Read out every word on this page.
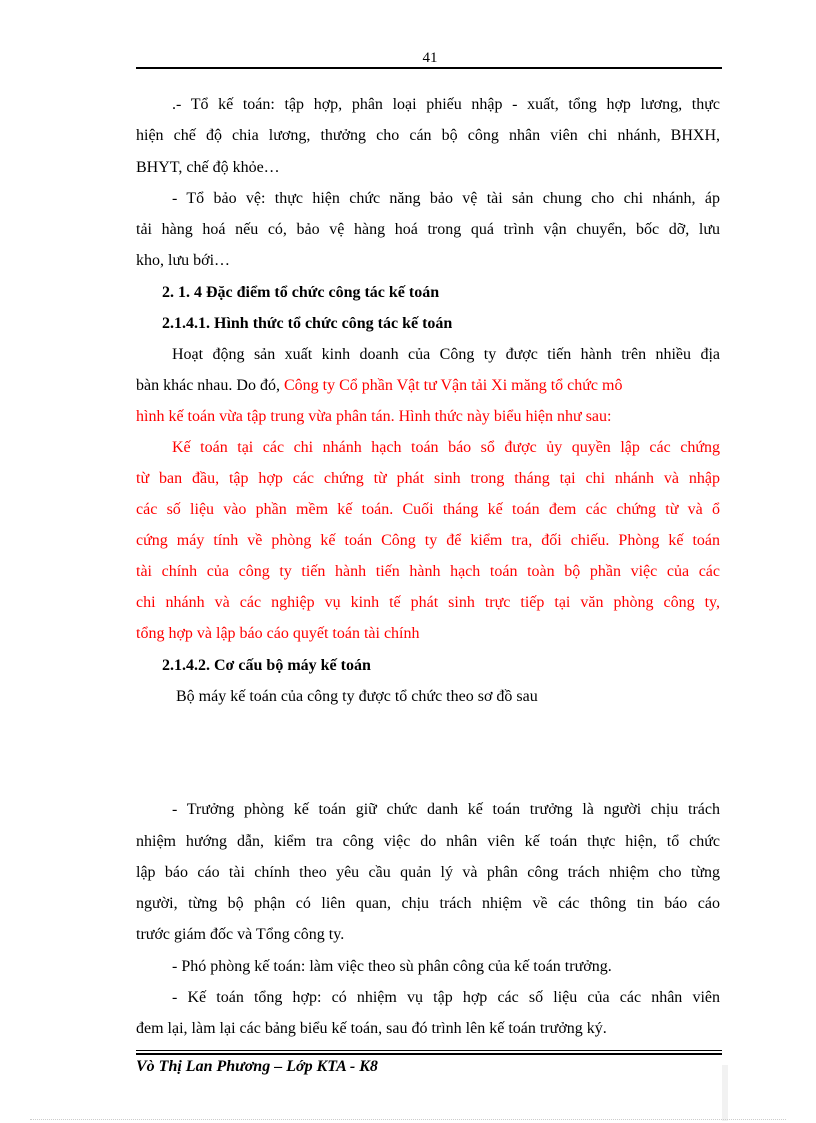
41
.- Tổ kế toán: tập hợp, phân loại phiếu nhập - xuất, tổng hợp lương, thực
hiện chế độ chia lương, thưởng cho cán bộ công nhân viên chi nhánh, BHXH,
BHYT, chế độ khỏe…
- Tổ bảo vệ: thực hiện chức năng bảo vệ tài sản chung cho chi nhánh, áp
tải hàng hoá nếu có, bảo vệ hàng hoá trong quá trình vận chuyển, bốc dỡ, lưu
kho, lưu bới…
2. 1. 4 Đặc điểm tổ chức công tác kế toán
2.1.4.1. Hình thức tổ chức công tác kế toán
Hoạt động sản xuất kinh doanh của Công ty được tiến hành trên nhiều địa
bàn khác nhau. Do đó, Công ty Cổ phần Vật tư Vận tải Xi măng tổ chức mô
hình kế toán vừa tập trung vừa phân tán. Hình thức này biểu hiện như sau:
Kế toán tại các chi nhánh hạch toán báo sổ được ủy quyền lập các chứng
từ ban đầu, tập hợp các chứng từ phát sinh trong tháng tại chi nhánh và nhập
các số liệu vào phần mềm kế toán. Cuối tháng kế toán đem các chứng từ và ổ
cứng máy tính về phòng kế toán Công ty để kiểm tra, đối chiếu. Phòng kế toán
tài chính của công ty tiến hành tiến hành hạch toán toàn bộ phần việc của các
chi nhánh và các nghiệp vụ kinh tế phát sinh trực tiếp tại văn phòng công ty,
tổng hợp và lập báo cáo quyết toán tài chính
2.1.4.2. Cơ cấu bộ máy kế toán
Bộ máy kế toán của công ty được tổ chức theo sơ đồ sau
- Trưởng phòng kế toán giữ chức danh kế toán trưởng là người chịu trách
nhiệm hướng dẫn, kiểm tra công việc do nhân viên kế toán thực hiện, tổ chức
lập báo cáo tài chính theo yêu cầu quản lý và phân công trách nhiệm cho từng
người, từng bộ phận có liên quan, chịu trách nhiệm về các thông tin báo cáo
trước giám đốc và Tổng công ty.
- Phó phòng kế toán: làm việc theo sù phân công của kế toán trưởng.
- Kế toán tổng hợp: có nhiệm vụ tập hợp các số liệu của các nhân viên
đem lại, làm lại các bảng biểu kế toán, sau đó trình lên kế toán trưởng ký.
Vò Thị Lan Phương – Lớp KTA - K8
